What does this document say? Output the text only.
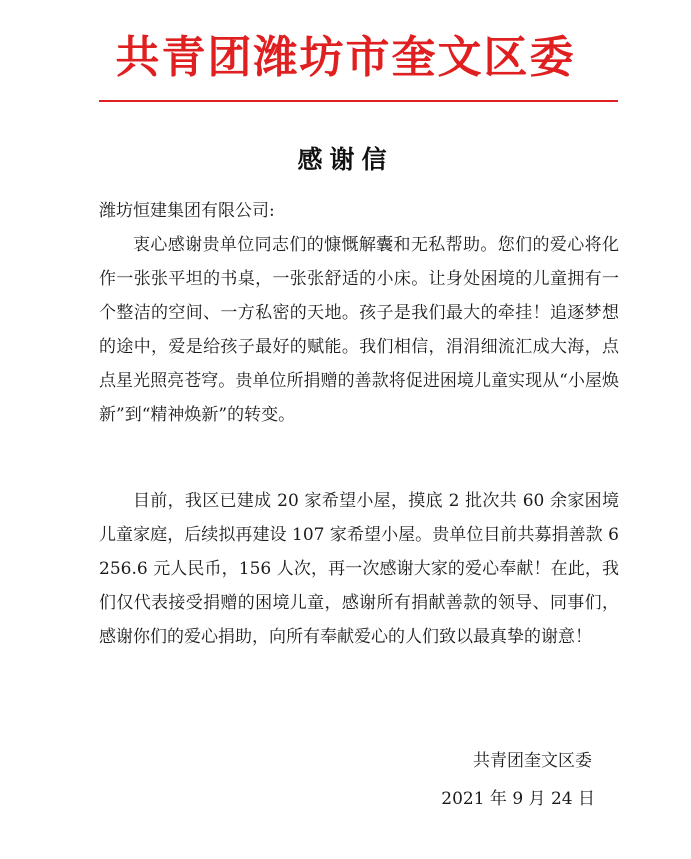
共青团潍坊市奎文区委
感谢信
潍坊恒建集团有限公司:

衷心感谢贵单位同志们的慷慨解囊和无私帮助。您们的爱心将化作一张张平坦的书桌，一张张舒适的小床。让身处困境的儿童拥有一个整洁的空间、一方私密的天地。孩子是我们最大的牵挂！追逐梦想的途中，爱是给孩子最好的赋能。我们相信，涓涓细流汇成大海，点点星光照亮苍穹。贵单位所捐赠的善款将促进困境儿童实现从“小屋焕新”到“精神焕新”的转变。

目前，我区已建成 20 家希望小屋，摸底 2 批次共 60 余家困境儿童家庭，后续拟再建设 107 家希望小屋。贵单位目前共募捐善款 6256.6 元人民币，156 人次，再一次感谢大家的爱心奉献！在此，我们仅代表接受捐赠的困境儿童，感谢所有捐献善款的领导、同事们，感谢你们的爱心捐助，向所有奉献爱心的人们致以最真挚的谢意！

共青团奎文区委
2021 年 9 月 24 日
